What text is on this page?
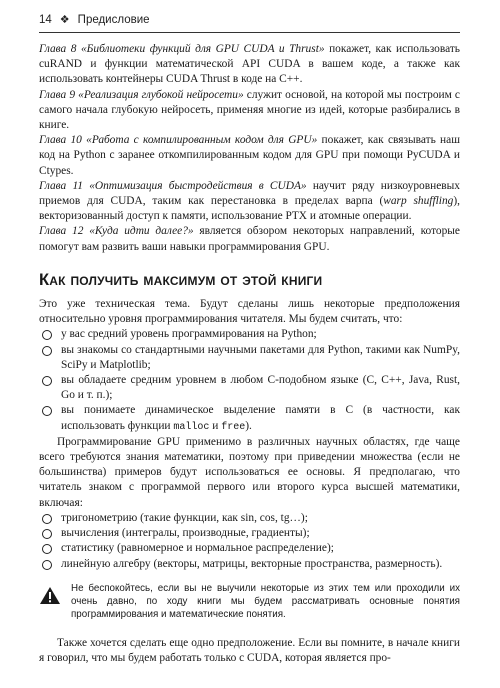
14 ❖ Предисловие

Глава 8 «Библиотеки функций для GPU CUDA и Thrust» покажет, как использовать cuRAND и функции математической API CUDA в вашем коде, а также как использовать контейнеры CUDA Thrust в коде на C++.

Глава 9 «Реализация глубокой нейросети» служит основой, на которой мы построим с самого начала глубокую нейросеть, применяя многие из идей, которые разбирались в книге.

Глава 10 «Работа с компилированным кодом для GPU» покажет, как связывать наш код на Python с заранее откомпилированным кодом для GPU при помощи PyCUDA и Ctypes.

Глава 11 «Оптимизация быстродействия в CUDA» научит ряду низкоуровневых приемов для CUDA, таким как перестановка в пределах варпа (warp shuffling), векторизованный доступ к памяти, использование PTX и атомные операции.

Глава 12 «Куда идти далее?» является обзором некоторых направлений, которые помогут вам развить ваши навыки программирования GPU.

Как получить максимум от этой книги

Это уже техническая тема. Будут сделаны лишь некоторые предположения относительно уровня программирования читателя. Мы будем считать, что:

у вас средний уровень программирования на Python;
вы знакомы со стандартными научными пакетами для Python, такими как NumPy, SciPy и Matplotlib;
вы обладаете средним уровнем в любом C-подобном языке (C, C++, Java, Rust, Go и т. п.);
вы понимаете динамическое выделение памяти в C (в частности, как использовать функции malloc и free).

Программирование GPU применимо в различных научных областях, где чаще всего требуются знания математики, поэтому при приведении множества (если не большинства) примеров будут использоваться ее основы. Я предполагаю, что читатель знаком с программой первого или второго курса высшей математики, включая:

тригонометрию (такие функции, как sin, cos, tg…);
вычисления (интегралы, производные, градиенты);
статистику (равномерное и нормальное распределение);
линейную алгебру (векторы, матрицы, векторные пространства, размерность).
Не беспокойтесь, если вы не выучили некоторые из этих тем или проходили их очень давно, по ходу книги мы будем рассматривать основные понятия программирования и математические понятия.

Также хочется сделать еще одно предположение. Если вы помните, в начале книги я говорил, что мы будем работать только с CUDA, которая является про-
